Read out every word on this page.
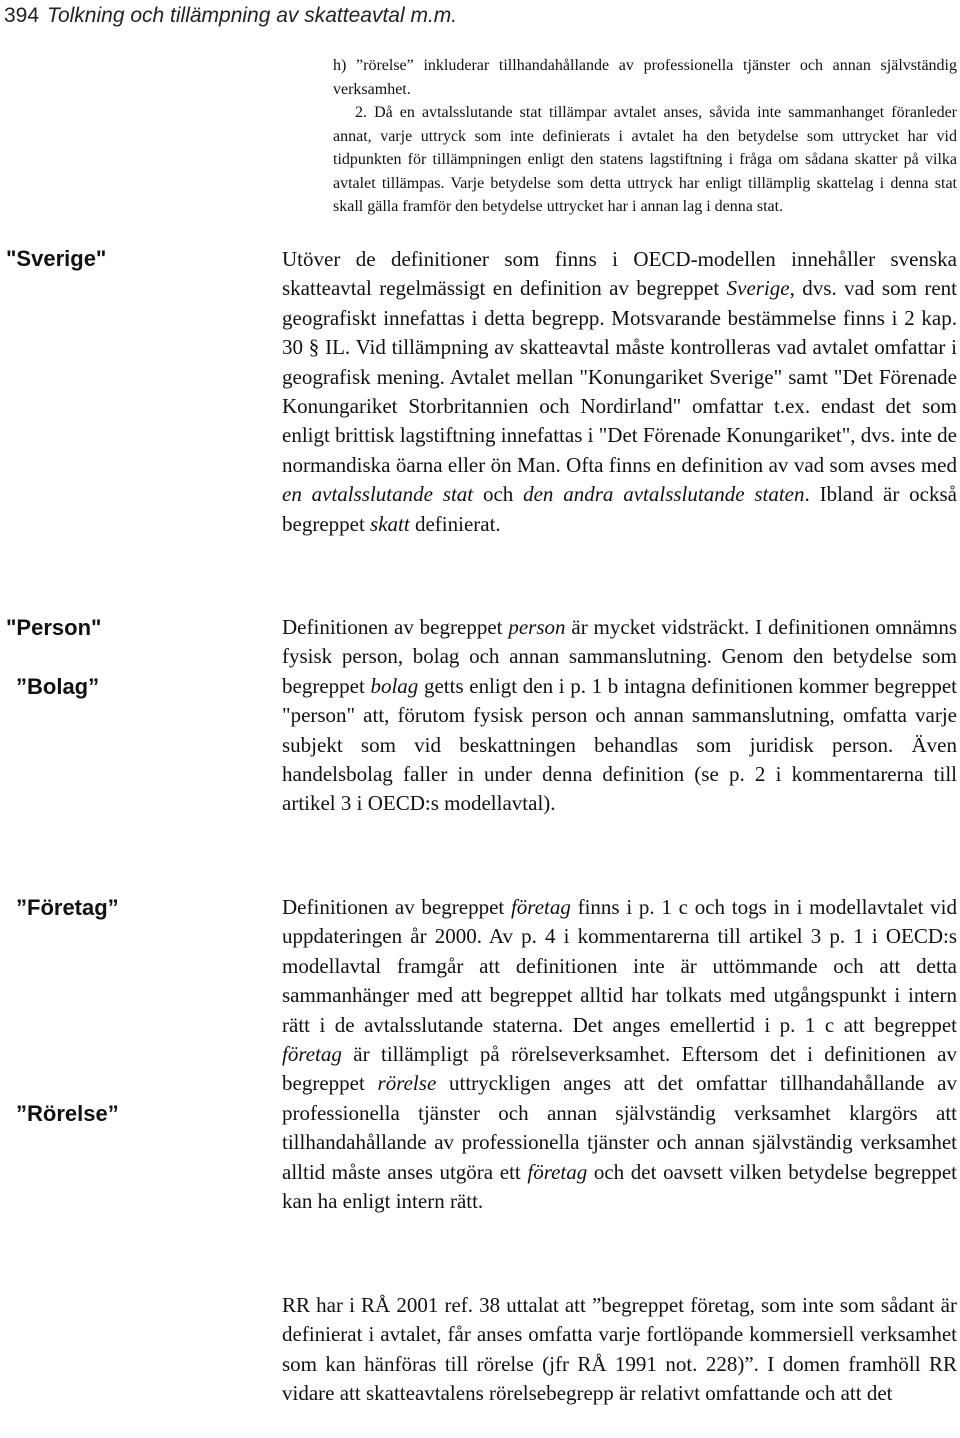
394 Tolkning och tillämpning av skatteavtal m.m.

h) ”rörelse” inkluderar tillhandahållande av professionella tjänster och annan självständig verksamhet.

2. Då en avtalsslutande stat tillämpar avtalet anses, såvida inte sammanhanget föranleder annat, varje uttryck som inte definierats i avtalet ha den betydelse som uttrycket har vid tidpunkten för tillämpningen enligt den statens lagstiftning i fråga om sådana skatter på vilka avtalet tillämpas. Varje betydelse som detta uttryck har enligt tillämplig skattelag i denna stat skall gälla framför den betydelse uttrycket har i annan lag i denna stat.

"Sverige"	Utöver de definitioner som finns i OECD-modellen innehåller svenska skatteavtal regelmässigt en definition av begreppet Sverige, dvs. vad som rent geografiskt innefattas i detta begrepp. Motsvarande bestämmelse finns i 2 kap. 30 § IL. Vid tillämpning av skatteavtal måste kontrolleras vad avtalet omfattar i geografisk mening. Avtalet mellan "Konungariket Sverige" samt "Det Förenade Konungariket Storbritannien och Nordirland" omfattar t.ex. endast det som enligt brittisk lagstiftning innefattas i "Det Förenade Konungariket", dvs. inte de normandiska öarna eller ön Man. Ofta finns en definition av vad som avses med en avtalsslutande stat och den andra avtalsslutande staten. Ibland är också begreppet skatt definierat.

"Person"
”Bolag”

Definitionen av begreppet person är mycket vidsträckt. I definitionen omnämns fysisk person, bolag och annan sammanslutning. Genom den betydelse som begreppet bolag getts enligt den i p. 1 b intagna definitionen kommer begreppet "person" att, förutom fysisk person och annan sammanslutning, omfatta varje subjekt som vid beskattningen behandlas som juridisk person. Även handelsbolag faller in under denna definition (se p. 2 i kommentarerna till artikel 3 i OECD:s modellavtal).

”Företag”
”Rörelse”

Definitionen av begreppet företag finns i p. 1 c och togs in i modellavtalet vid uppdateringen år 2000. Av p. 4 i kommentarerna till artikel 3 p. 1 i OECD:s modellavtal framgår att definitionen inte är uttömmande och att detta sammanhänger med att begreppet alltid har tolkats med utgångspunkt i intern rätt i de avtalsslutande staterna. Det anges emellertid i p. 1 c att begreppet företag är tillämpligt på rörelseverksamhet. Eftersom det i definitionen av begreppet rörelse uttryckligen anges att det omfattar tillhandahållande av professionella tjänster och annan självständig verksamhet klargörs att tillhandahållande av professionella tjänster och annan självständig verksamhet alltid måste anses utgöra ett företag och det oavsett vilken betydelse begreppet kan ha enligt intern rätt.

RR har i RÅ 2001 ref. 38 uttalat att ”begreppet företag, som inte som sådant är definierat i avtalet, får anses omfatta varje fortlöpande kommersiell verksamhet som kan hänföras till rörelse (jfr RÅ 1991 not. 228)”. I domen framhöll RR vidare att skatteavtalens rörelsebegrepp är relativt omfattande och att det
